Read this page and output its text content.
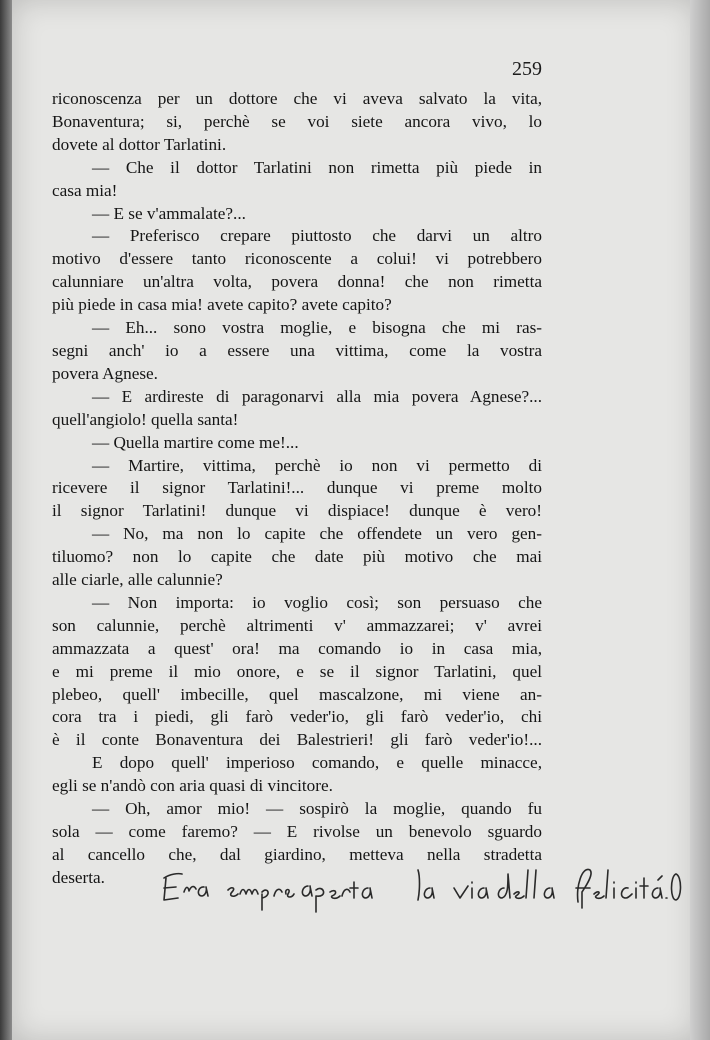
259
riconoscenza per un dottore che vi aveva salvato la vita,
Bonaventura; si, perchè se voi siete ancora vivo, lo
dovete al dottor Tarlatini.
— Che il dottor Tarlatini non rimetta più piede in
casa mia!
— E se v'ammalate?...
— Preferisco crepare piuttosto che darvi un altro
motivo d'essere tanto riconoscente a colui! vi potrebbero
calunniare un'altra volta, povera donna! che non rimetta
più piede in casa mia! avete capito? avete capito?
— Eh... sono vostra moglie, e bisogna che mi ras-
segni anch' io a essere una vittima, come la vostra
povera Agnese.
— E ardireste di paragonarvi alla mia povera Agnese?...
quell'angiolo! quella santa!
— Quella martire come me!...
— Martire, vittima, perchè io non vi permetto di
ricevere il signor Tarlatini!... dunque vi preme molto
il signor Tarlatini! dunque vi dispiace! dunque è vero!
— No, ma non lo capite che offendete un vero gen-
tiluomo? non lo capite che date più motivo che mai
alle ciarle, alle calunnie?
— Non importa: io voglio così; son persuaso che
son calunnie, perchè altrimenti v' ammazzarei; v' avrei
ammazzata a quest' ora! ma comando io in casa mia,
e mi preme il mio onore, e se il signor Tarlatini, quel
plebeo, quell' imbecille, quel mascalzone, mi viene an-
cora tra i piedi, gli farò veder'io, gli farò veder'io, chi
è il conte Bonaventura dei Balestrieri! gli farò veder'io!...
E dopo quell' imperioso comando, e quelle minacce,
egli se n'andò con aria quasi di vincitore.
— Oh, amor mio! — sospirò la moglie, quando fu
sola — come faremo? — E rivolse un benevolo sguardo
al cancello che, dal giardino, metteva nella stradetta
deserta.
